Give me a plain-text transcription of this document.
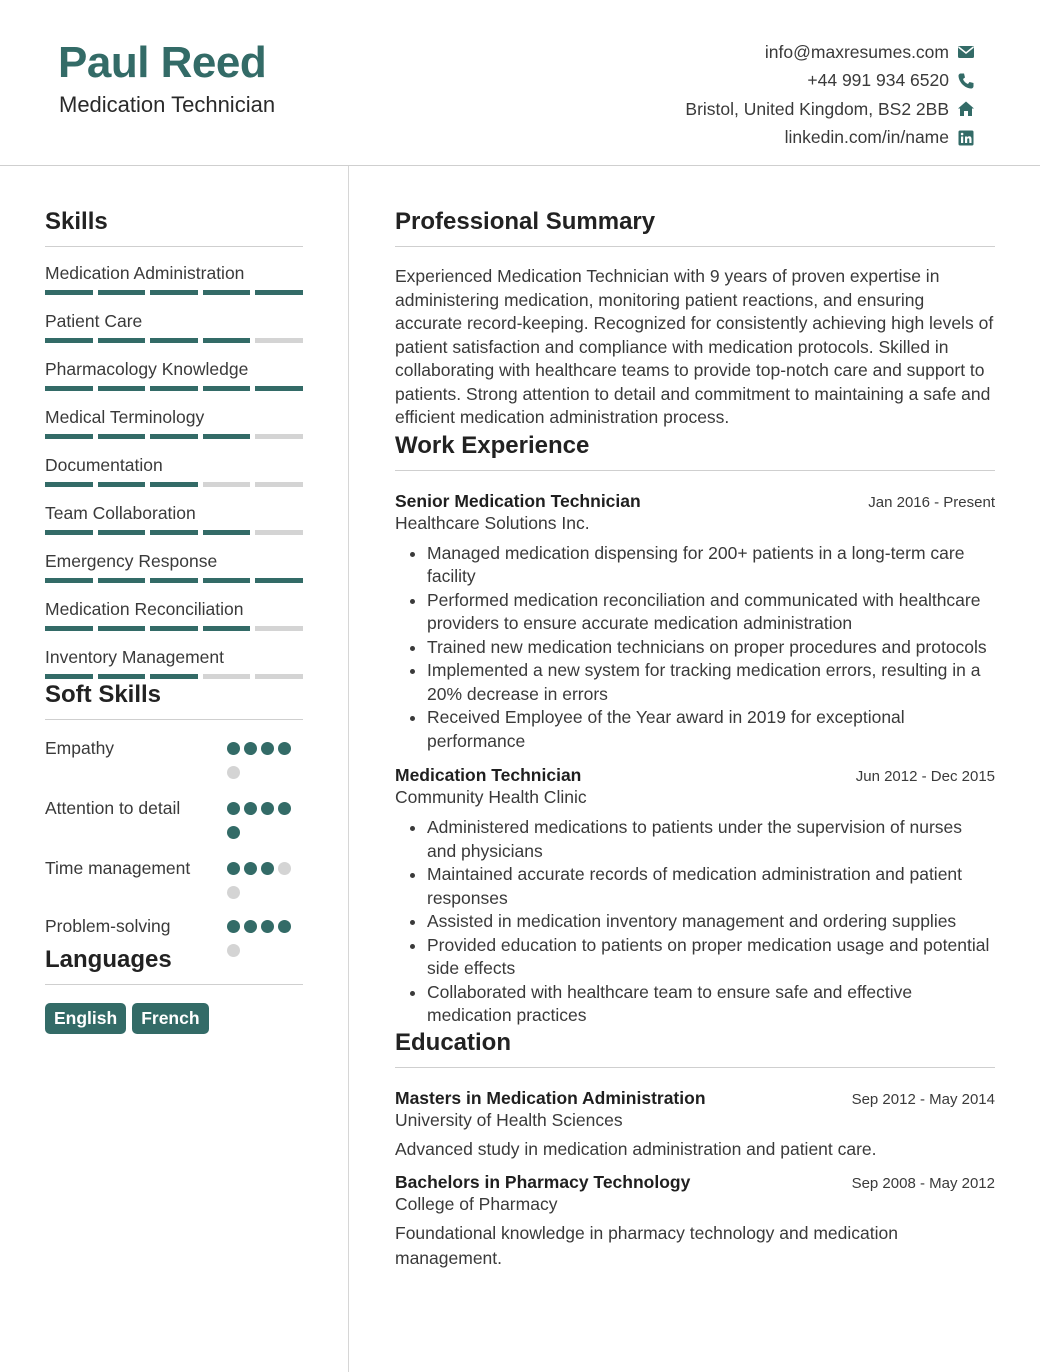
Paul Reed
Medication Technician
info@maxresumes.com
+44 991 934 6520
Bristol, United Kingdom, BS2 2BB
linkedin.com/in/name
Skills
Medication Administration
Patient Care
Pharmacology Knowledge
Medical Terminology
Documentation
Team Collaboration
Emergency Response
Medication Reconciliation
Inventory Management
Soft Skills
Empathy
Attention to detail
Time management
Problem-solving
Languages
English	French
Professional Summary
Experienced Medication Technician with 9 years of proven expertise in administering medication, monitoring patient reactions, and ensuring accurate record-keeping. Recognized for consistently achieving high levels of patient satisfaction and compliance with medication protocols. Skilled in collaborating with healthcare teams to provide top-notch care and support to patients. Strong attention to detail and commitment to maintaining a safe and efficient medication administration process.
Work Experience
Senior Medication Technician	Jan 2016 - Present
Healthcare Solutions Inc.
• Managed medication dispensing for 200+ patients in a long-term care facility
• Performed medication reconciliation and communicated with healthcare providers to ensure accurate medication administration
• Trained new medication technicians on proper procedures and protocols
• Implemented a new system for tracking medication errors, resulting in a 20% decrease in errors
• Received Employee of the Year award in 2019 for exceptional performance
Medication Technician	Jun 2012 - Dec 2015
Community Health Clinic
• Administered medications to patients under the supervision of nurses and physicians
• Maintained accurate records of medication administration and patient responses
• Assisted in medication inventory management and ordering supplies
• Provided education to patients on proper medication usage and potential side effects
• Collaborated with healthcare team to ensure safe and effective medication practices
Education
Masters in Medication Administration	Sep 2012 - May 2014
University of Health Sciences
Advanced study in medication administration and patient care.
Bachelors in Pharmacy Technology	Sep 2008 - May 2012
College of Pharmacy
Foundational knowledge in pharmacy technology and medication management.
